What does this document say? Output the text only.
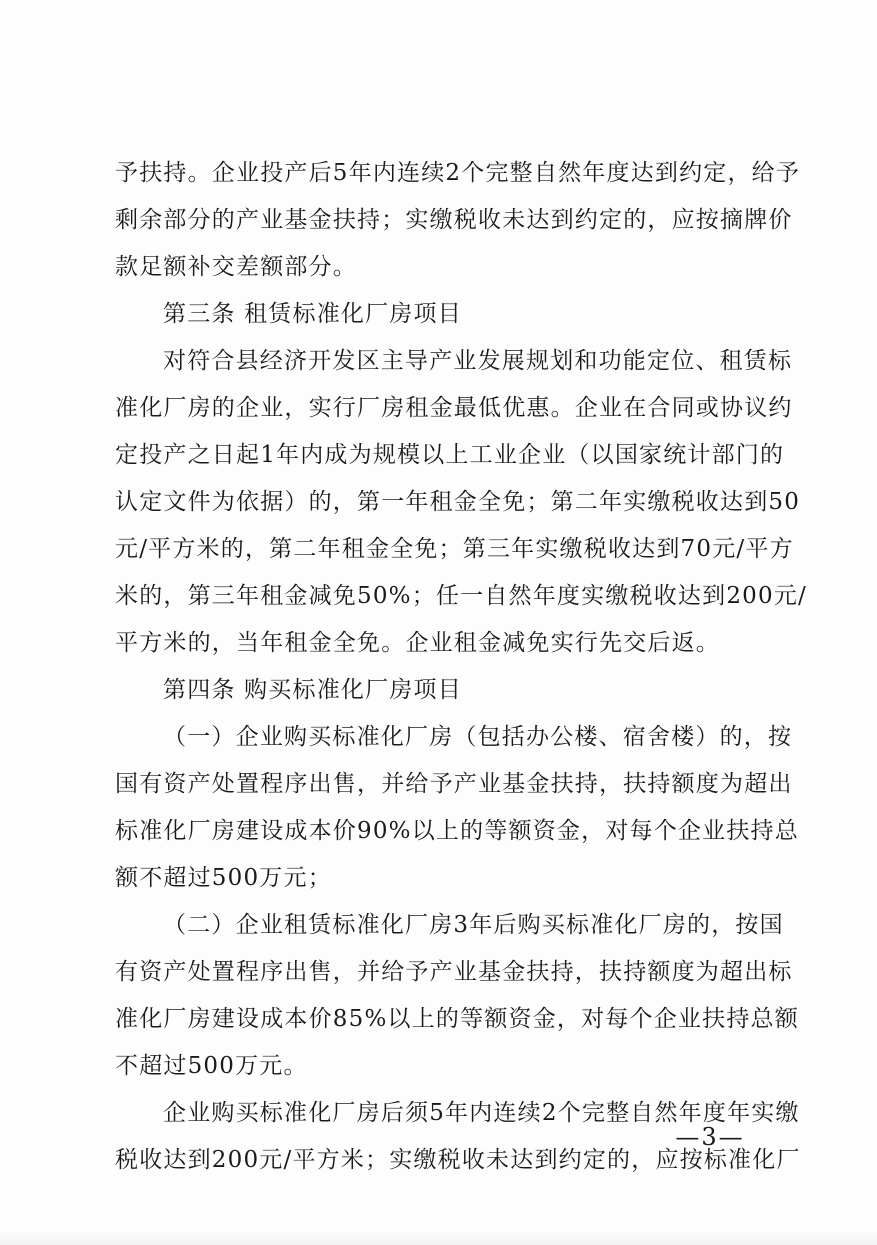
予扶持。企业投产后5年内连续2个完整自然年度达到约定，给予
剩余部分的产业基金扶持；实缴税收未达到约定的，应按摘牌价
款足额补交差额部分。
第三条 租赁标准化厂房项目
对符合县经济开发区主导产业发展规划和功能定位、租赁标
准化厂房的企业，实行厂房租金最低优惠。企业在合同或协议约
定投产之日起1年内成为规模以上工业企业（以国家统计部门的
认定文件为依据）的，第一年租金全免；第二年实缴税收达到50
元/平方米的，第二年租金全免；第三年实缴税收达到70元/平方
米的，第三年租金减免50%；任一自然年度实缴税收达到200元/
平方米的，当年租金全免。企业租金减免实行先交后返。
第四条 购买标准化厂房项目
（一）企业购买标准化厂房（包括办公楼、宿舍楼）的，按
国有资产处置程序出售，并给予产业基金扶持，扶持额度为超出
标准化厂房建设成本价90%以上的等额资金，对每个企业扶持总
额不超过500万元；
（二）企业租赁标准化厂房3年后购买标准化厂房的，按国
有资产处置程序出售，并给予产业基金扶持，扶持额度为超出标
准化厂房建设成本价85%以上的等额资金，对每个企业扶持总额
不超过500万元。
企业购买标准化厂房后须5年内连续2个完整自然年度年实缴
税收达到200元/平方米；实缴税收未达到约定的，应按标准化厂
—3—
